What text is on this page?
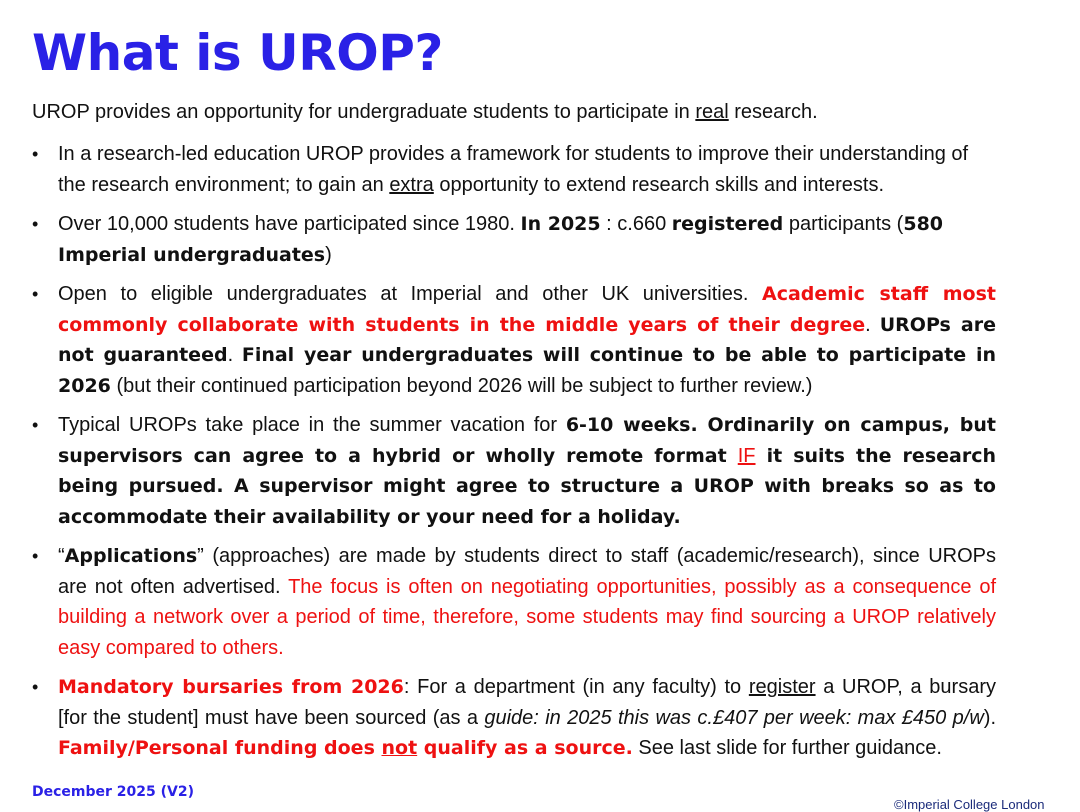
What is UROP?

UROP provides an opportunity for undergraduate students to participate in real research.

• In a research-led education UROP provides a framework for students to improve their understanding of the research environment; to gain an extra opportunity to extend research skills and interests.
• Over 10,000 students have participated since 1980. In 2025 : c.660 registered participants (580 Imperial undergraduates)
• Open to eligible undergraduates at Imperial and other UK universities. Academic staff most commonly collaborate with students in the middle years of their degree. UROPs are not guaranteed. Final year undergraduates will continue to be able to participate in 2026 (but their continued participation beyond 2026 will be subject to further review.)
• Typical UROPs take place in the summer vacation for 6-10 weeks. Ordinarily on campus, but supervisors can agree to a hybrid or wholly remote format IF it suits the research being pursued. A supervisor might agree to structure a UROP with breaks so as to accommodate their availability or your need for a holiday.
• “Applications” (approaches) are made by students direct to staff (academic/research), since UROPs are not often advertised. The focus is often on negotiating opportunities, possibly as a consequence of building a network over a period of time, therefore, some students may find sourcing a UROP relatively easy compared to others.
• Mandatory bursaries from 2026: For a department (in any faculty) to register a UROP, a bursary [for the student] must have been sourced (as a guide: in 2025 this was c.£407 per week: max £450 p/w). Family/Personal funding does not qualify as a source. See last slide for further guidance.
December 2025 (V2)
©Imperial College London
